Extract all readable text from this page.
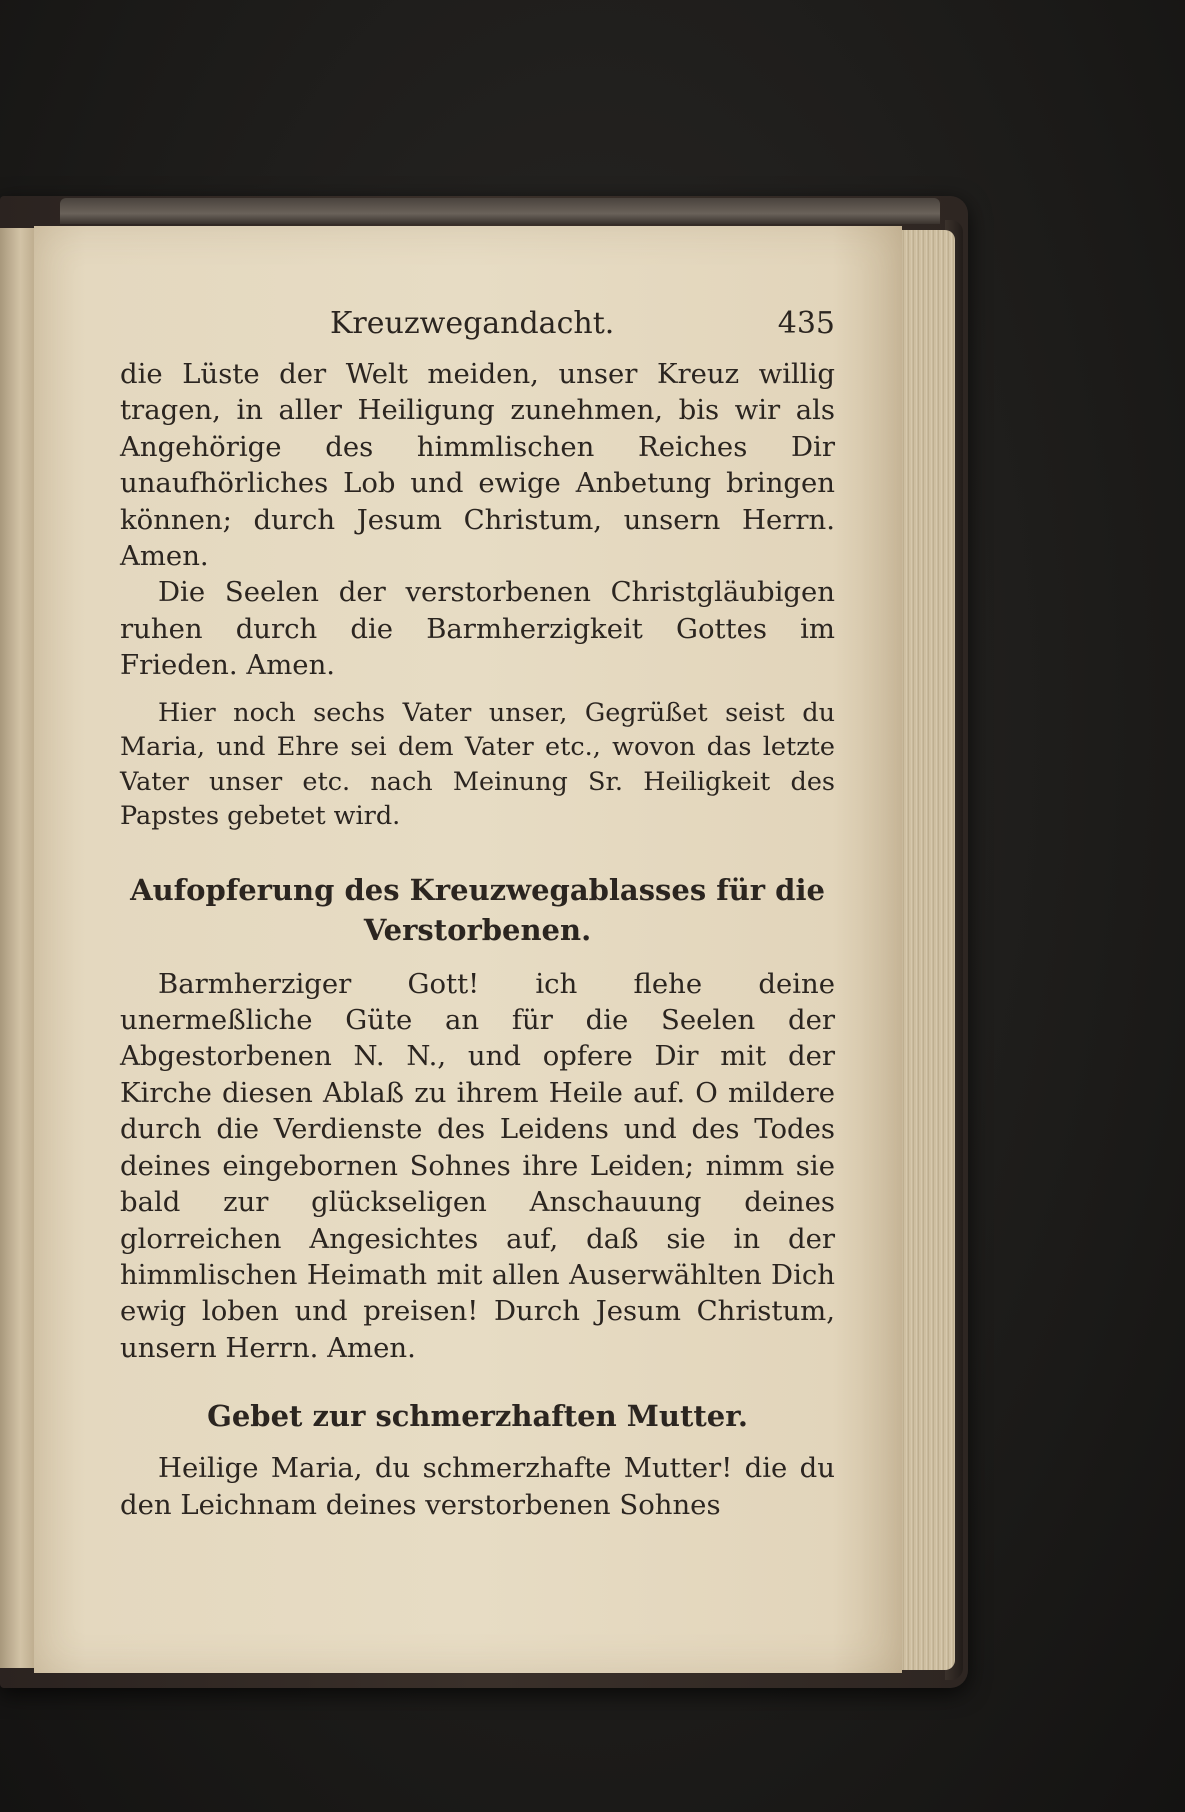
Kreuzwegandacht.	435

die Lüste der Welt meiden, unser Kreuz willig tragen, in aller Heiligung zunehmen, bis wir als Angehörige des himmlischen Reiches Dir unaufhörliches Lob und ewige Anbetung bringen können; durch Jesum Christum, unsern Herrn. Amen.

Die Seelen der verstorbenen Christgläubigen ruhen durch die Barmherzigkeit Gottes im Frieden. Amen.

Hier noch sechs Vater unser, Gegrüßet seist du Maria, und Ehre sei dem Vater etc., wovon das letzte Vater unser etc. nach Meinung Sr. Heiligkeit des Papstes gebetet wird.

Aufopferung des Kreuzwegablasses für die Verstorbenen.

Barmherziger Gott! ich flehe deine unermeßliche Güte an für die Seelen der Abgestorbenen N. N., und opfere Dir mit der Kirche diesen Ablaß zu ihrem Heile auf. O mildere durch die Verdienste des Leidens und des Todes deines eingebornen Sohnes ihre Leiden; nimm sie bald zur glückseligen Anschauung deines glorreichen Angesichtes auf, daß sie in der himmlischen Heimath mit allen Auserwählten Dich ewig loben und preisen! Durch Jesum Christum, unsern Herrn. Amen.

Gebet zur schmerzhaften Mutter.

Heilige Maria, du schmerzhafte Mutter! die du den Leichnam deines verstorbenen Sohnes
